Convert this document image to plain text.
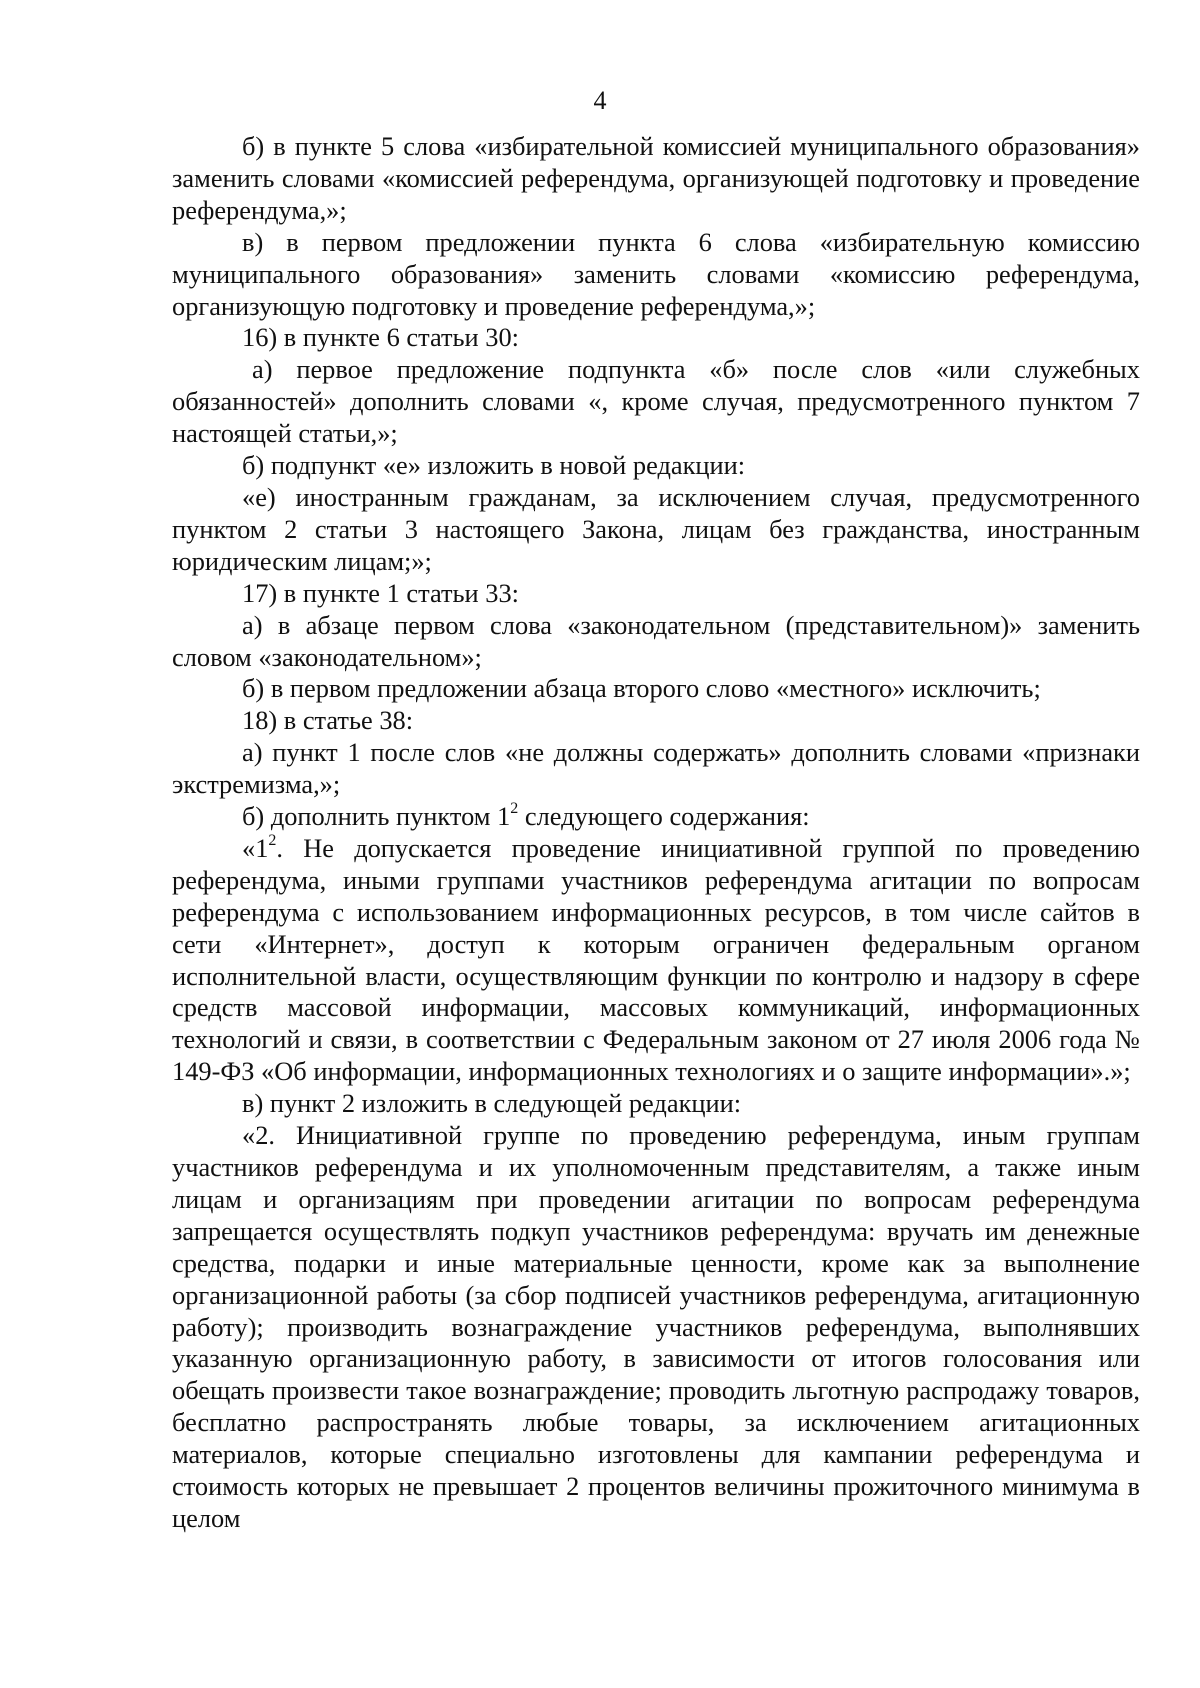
4

б) в пункте 5 слова «избирательной комиссией муниципального образования» заменить словами «комиссией референдума, организующей подготовку и проведение референдума,»;

в) в первом предложении пункта 6 слова «избирательную комиссию муниципального образования» заменить словами «комиссию референдума, организующую подготовку и проведение референдума,»;

16) в пункте 6 статьи 30:

а) первое предложение подпункта «б» после слов «или служебных обязанностей» дополнить словами «, кроме случая, предусмотренного пунктом 7 настоящей статьи,»;

б) подпункт «е» изложить в новой редакции:

«е) иностранным гражданам, за исключением случая, предусмотренного пунктом 2 статьи 3 настоящего Закона, лицам без гражданства, иностранным юридическим лицам;»;

17) в пункте 1 статьи 33:

а) в абзаце первом слова «законодательном (представительном)» заменить словом «законодательном»;

б) в первом предложении абзаца второго слово «местного» исключить;

18) в статье 38:

а) пункт 1 после слов «не должны содержать» дополнить словами «признаки экстремизма,»;

б) дополнить пунктом $1^2$ следующего содержания:

«$1^2$. Не допускается проведение инициативной группой по проведению референдума, иными группами участников референдума агитации по вопросам референдума с использованием информационных ресурсов, в том числе сайтов в сети «Интернет», доступ к которым ограничен федеральным органом исполнительной власти, осуществляющим функции по контролю и надзору в сфере средств массовой информации, массовых коммуникаций, информационных технологий и связи, в соответствии с Федеральным законом от 27 июля 2006 года № 149-ФЗ «Об информации, информационных технологиях и о защите информации».»;

в) пункт 2 изложить в следующей редакции:

«2. Инициативной группе по проведению референдума, иным группам участников референдума и их уполномоченным представителям, а также иным лицам и организациям при проведении агитации по вопросам референдума запрещается осуществлять подкуп участников референдума: вручать им денежные средства, подарки и иные материальные ценности, кроме как за выполнение организационной работы (за сбор подписей участников референдума, агитационную работу); производить вознаграждение участников референдума, выполнявших указанную организационную работу, в зависимости от итогов голосования или обещать произвести такое вознаграждение; проводить льготную распродажу товаров, бесплатно распространять любые товары, за исключением агитационных материалов, которые специально изготовлены для кампании референдума и стоимость которых не превышает 2 процентов величины прожиточного минимума в целом
